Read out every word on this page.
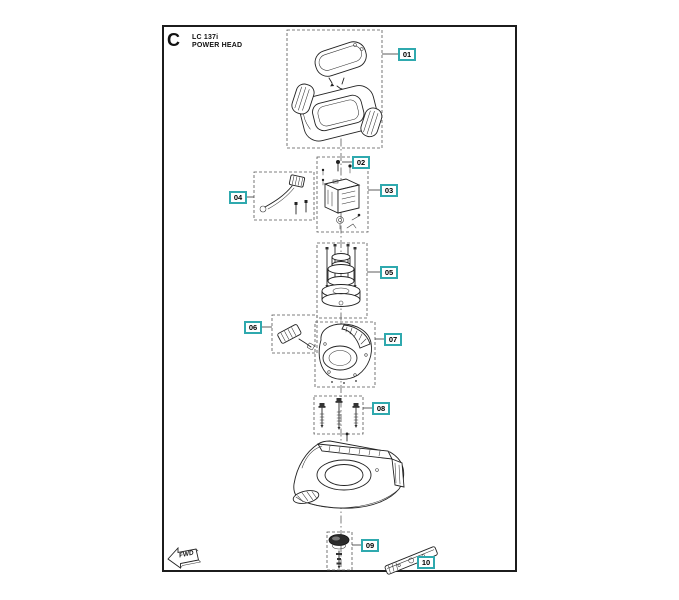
C LC 137i
POWER HEAD
01
02
03
04
05
06
07
08
09
10
FWD
